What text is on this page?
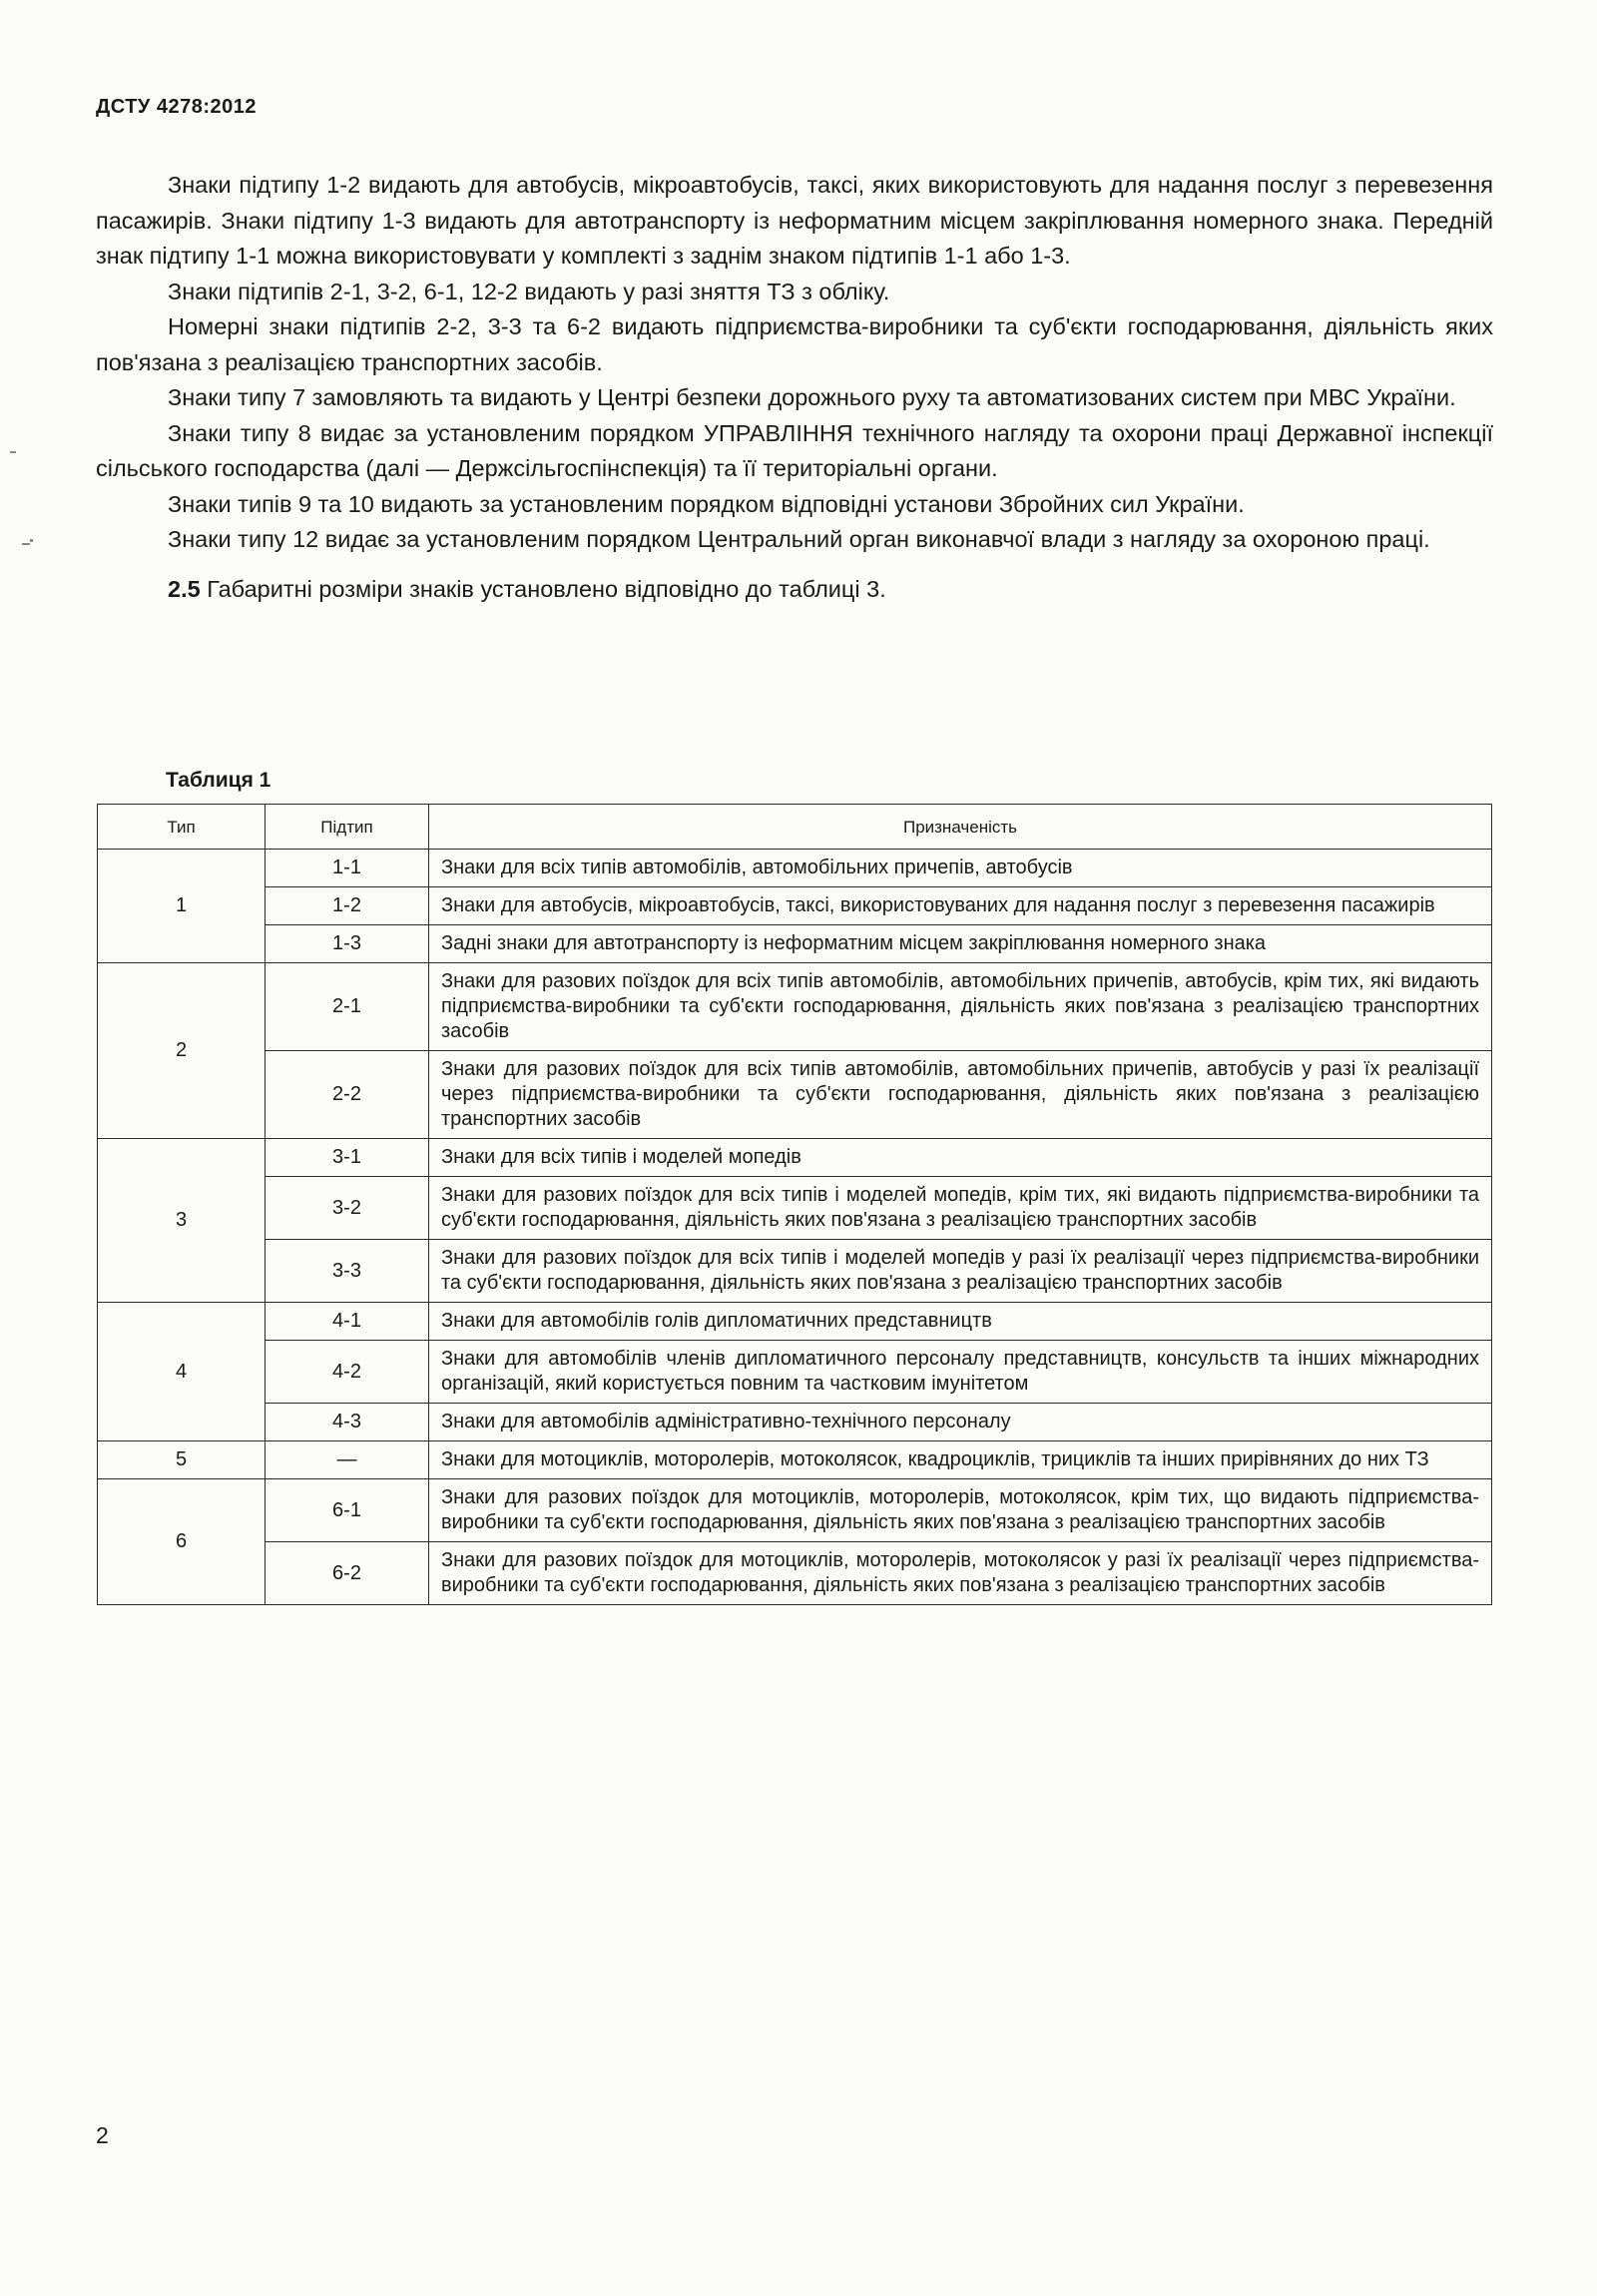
ДСТУ 4278:2012

Знаки підтипу 1-2 видають для автобусів, мікроавтобусів, таксі, яких використовують для надання послуг з перевезення пасажирів. Знаки підтипу 1-3 видають для автотранспорту із неформатним місцем закріплювання номерного знака. Передній знак підтипу 1-1 можна використовувати у комплекті з заднім знаком підтипів 1-1 або 1-3.

Знаки підтипів 2-1, 3-2, 6-1, 12-2 видають у разі зняття ТЗ з обліку.

Номерні знаки підтипів 2-2, 3-3 та 6-2 видають підприємства-виробники та суб'єкти господарювання, діяльність яких пов'язана з реалізацією транспортних засобів.

Знаки типу 7 замовляють та видають у Центрі безпеки дорожнього руху та автоматизованих систем при МВС України.

Знаки типу 8 видає за установленим порядком УПРАВЛІННЯ технічного нагляду та охорони праці Державної інспекції сільського господарства (далі — Держсільгоспінспекція) та її територіальні органи.

Знаки типів 9 та 10 видають за установленим порядком відповідні установи Збройних сил України.

Знаки типу 12 видає за установленим порядком Центральний орган виконавчої влади з нагляду за охороною праці.

2.5 Габаритні розміри знаків установлено відповідно до таблиці 3.

Таблиця 1
Тип	Підтип	Призначеність
1	1-1	Знаки для всіх типів автомобілів, автомобільних причепів, автобусів
	1-2	Знаки для автобусів, мікроавтобусів, таксі, використовуваних для надання послуг з перевезення пасажирів
	1-3	Задні знаки для автотранспорту із неформатним місцем закріплювання номерного знака
2	2-1	Знаки для разових поїздок для всіх типів автомобілів, автомобільних причепів, автобусів, крім тих, які видають підприємства-виробники та суб'єкти господарювання, діяльність яких пов'язана з реалізацією транспортних засобів
	2-2	Знаки для разових поїздок для всіх типів автомобілів, автомобільних причепів, автобусів у разі їх реалізації через підприємства-виробники та суб'єкти господарювання, діяльність яких пов'язана з реалізацією транспортних засобів
3	3-1	Знаки для всіх типів і моделей мопедів
	3-2	Знаки для разових поїздок для всіх типів і моделей мопедів, крім тих, які видають підприємства-виробники та суб'єкти господарювання, діяльність яких пов'язана з реалізацією транспортних засобів
	3-3	Знаки для разових поїздок для всіх типів і моделей мопедів у разі їх реалізації через підприємства-виробники та суб'єкти господарювання, діяльність яких пов'язана з реалізацією транспортних засобів
4	4-1	Знаки для автомобілів голів дипломатичних представництв
	4-2	Знаки для автомобілів членів дипломатичного персоналу представництв, консульств та інших міжнародних організацій, який користується повним та частковим імунітетом
	4-3	Знаки для автомобілів адміністративно-технічного персоналу
5	—	Знаки для мотоциклів, моторолерів, мотоколясок, квадроциклів, трициклів та інших прирівняних до них ТЗ
6	6-1	Знаки для разових поїздок для мотоциклів, моторолерів, мотоколясок, крім тих, що видають підприємства-виробники та суб'єкти господарювання, діяльність яких пов'язана з реалізацією транспортних засобів
	6-2	Знаки для разових поїздок для мотоциклів, моторолерів, мотоколясок у разі їх реалізації через підприємства-виробники та суб'єкти господарювання, діяльність яких пов'язана з реалізацією транспортних засобів
2
